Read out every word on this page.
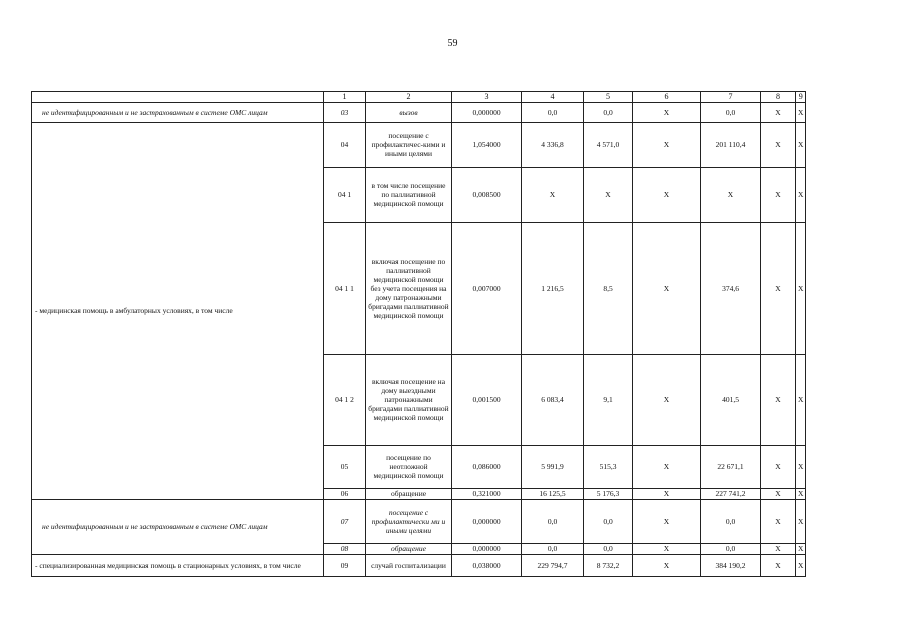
59
	1	2	3	4	5	6	7	8	9
не идентифицированным и не застрахованным в системе ОМС лицам	03	вызов	0,000000	0,0	0,0	X	0,0	X	X
- медицинская помощь в амбулаторных условиях, в том числе	04	посещение с профилактичес-кими и иными целями	1,054000	4 336,8	4 571,0	X	201 110,4	X	X
	04 1	в том числе посещение по паллиативной медицинской помощи	0,008500	X	X	X	X	X	X
	04 1 1	включая посещение по паллиативной медицинской помощи без учета посещения на дому патронажными бригадами паллиативной медицинской помощи	0,007000	1 216,5	8,5	X	374,6	X	X
	04 1 2	включая посещение на дому выездными патронажными бригадами паллиативной медицинской помощи	0,001500	6 083,4	9,1	X	401,5	X	X
	05	посещение по неотложной медицинской помощи	0,086000	5 991,9	515,3	X	22 671,1	X	X
	06	обращение	0,321000	16 125,5	5 176,3	X	227 741,2	X	X
не идентифицированным и не застрахованным в системе ОМС лицам	07	посещение с профилактически ми и иными целями	0,000000	0,0	0,0	X	0,0	X	X
	08	обращение	0,000000	0,0	0,0	X	0,0	X	X
- специализированная медицинская помощь в стационарных условиях, в том числе	09	случай госпитализации	0,038000	229 794,7	8 732,2	X	384 190,2	X	X
